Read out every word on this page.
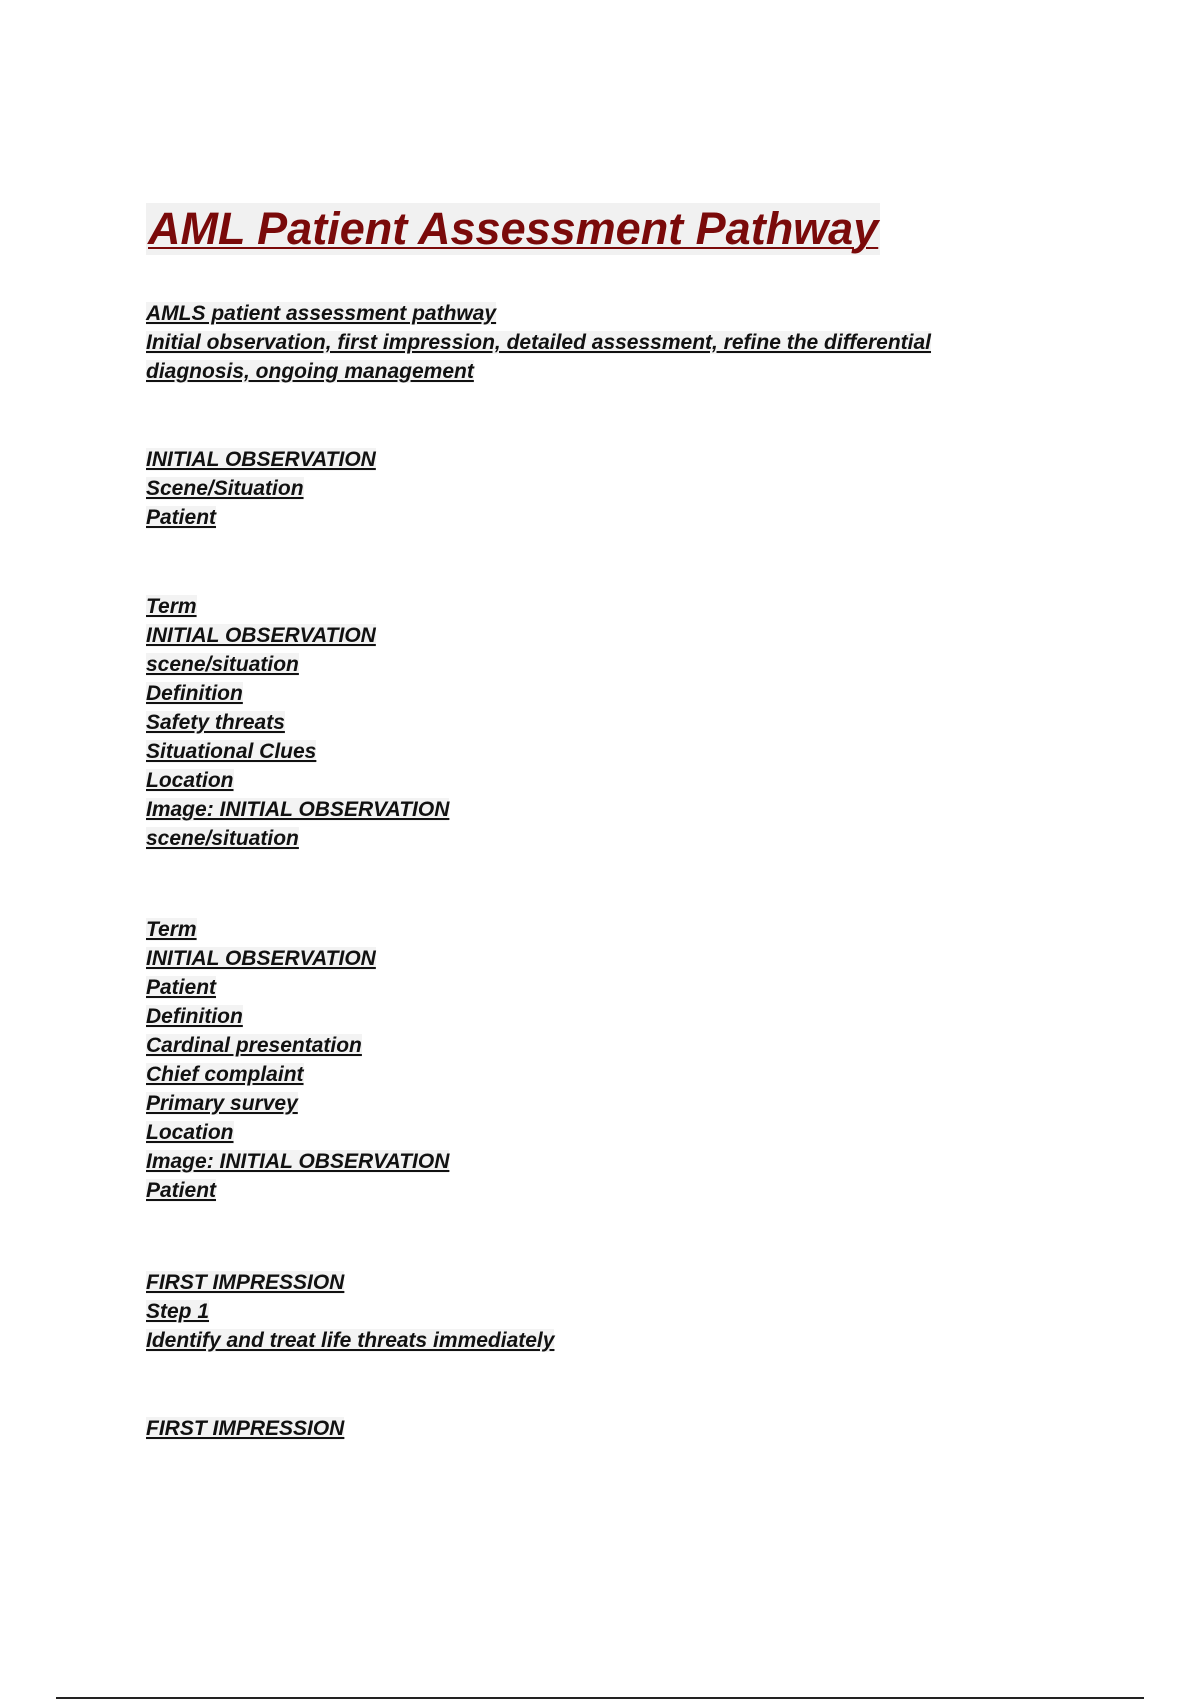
AML Patient Assessment Pathway

AMLS patient assessment pathway

Initial observation, first impression, detailed assessment, refine the differential

diagnosis, ongoing management

INITIAL OBSERVATION

Scene/Situation

Patient

Term

INITIAL OBSERVATION

scene/situation

Definition

Safety threats

Situational Clues

Location

Image: INITIAL OBSERVATION

scene/situation

Term

INITIAL OBSERVATION

Patient

Definition

Cardinal presentation

Chief complaint

Primary survey

Location

Image: INITIAL OBSERVATION

Patient

FIRST IMPRESSION

Step 1

Identify and treat life threats immediately

FIRST IMPRESSION
